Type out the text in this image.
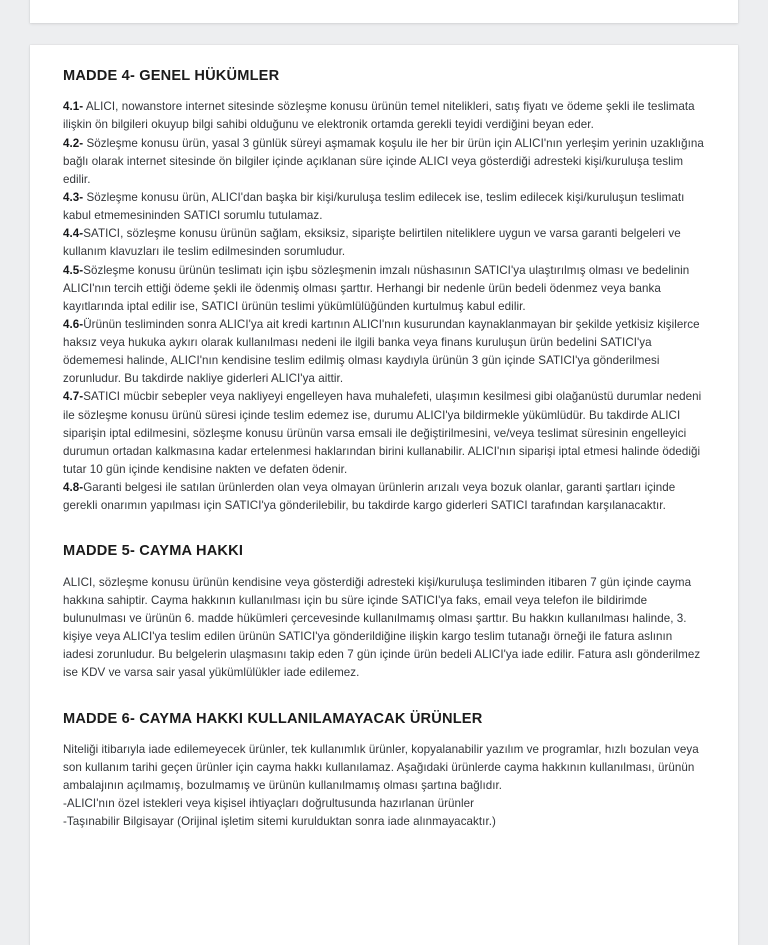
MADDE 4- GENEL HÜKÜMLER

4.1- ALICI, nowanstore internet sitesinde sözleşme konusu ürünün temel nitelikleri, satış fiyatı ve ödeme şekli ile teslimata ilişkin ön bilgileri okuyup bilgi sahibi olduğunu ve elektronik ortamda gerekli teyidi verdiğini beyan eder.

4.2- Sözleşme konusu ürün, yasal 3 günlük süreyi aşmamak koşulu ile her bir ürün için ALICI'nın yerleşim yerinin uzaklığına bağlı olarak internet sitesinde ön bilgiler içinde açıklanan süre içinde ALICI veya gösterdiği adresteki kişi/kuruluşa teslim edilir.

4.3- Sözleşme konusu ürün, ALICI'dan başka bir kişi/kuruluşa teslim edilecek ise, teslim edilecek kişi/kuruluşun teslimatı kabul etmemesininden SATICI sorumlu tutulamaz.

4.4-SATICI, sözleşme konusu ürünün sağlam, eksiksiz, siparişte belirtilen niteliklere uygun ve varsa garanti belgeleri ve kullanım klavuzları ile teslim edilmesinden sorumludur.

4.5-Sözleşme konusu ürünün teslimatı için işbu sözleşmenin imzalı nüshasının SATICI'ya ulaştırılmış olması ve bedelinin ALICI'nın tercih ettiği ödeme şekli ile ödenmiş olması şarttır. Herhangi bir nedenle ürün bedeli ödenmez veya banka kayıtlarında iptal edilir ise, SATICI ürünün teslimi yükümlülüğünden kurtulmuş kabul edilir.

4.6-Ürünün tesliminden sonra ALICI'ya ait kredi kartının ALICI'nın kusurundan kaynaklanmayan bir şekilde yetkisiz kişilerce haksız veya hukuka aykırı olarak kullanılması nedeni ile ilgili banka veya finans kuruluşun ürün bedelini SATICI'ya ödememesi halinde, ALICI'nın kendisine teslim edilmiş olması kaydıyla ürünün 3 gün içinde SATICI'ya gönderilmesi zorunludur. Bu takdirde nakliye giderleri ALICI'ya aittir.

4.7-SATICI mücbir sebepler veya nakliyeyi engelleyen hava muhalefeti, ulaşımın kesilmesi gibi olağanüstü durumlar nedeni ile sözleşme konusu ürünü süresi içinde teslim edemez ise, durumu ALICI'ya bildirmekle yükümlüdür. Bu takdirde ALICI siparişin iptal edilmesini, sözleşme konusu ürünün varsa emsali ile değiştirilmesini, ve/veya teslimat süresinin engelleyici durumun ortadan kalkmasına kadar ertelenmesi haklarından birini kullanabilir. ALICI'nın siparişi iptal etmesi halinde ödediği tutar 10 gün içinde kendisine nakten ve defaten ödenir.

4.8-Garanti belgesi ile satılan ürünlerden olan veya olmayan ürünlerin arızalı veya bozuk olanlar, garanti şartları içinde gerekli onarımın yapılması için SATICI'ya gönderilebilir, bu takdirde kargo giderleri SATICI tarafından karşılanacaktır.

MADDE 5- CAYMA HAKKI

ALICI, sözleşme konusu ürünün kendisine veya gösterdiği adresteki kişi/kuruluşa tesliminden itibaren 7 gün içinde cayma hakkına sahiptir. Cayma hakkının kullanılması için bu süre içinde SATICI'ya faks, email veya telefon ile bildirimde bulunulması ve ürünün 6. madde hükümleri çercevesinde kullanılmamış olması şarttır. Bu hakkın kullanılması halinde, 3. kişiye veya ALICI'ya teslim edilen ürünün SATICI'ya gönderildiğine ilişkin kargo teslim tutanağı örneği ile fatura aslının iadesi zorunludur. Bu belgelerin ulaşmasını takip eden 7 gün içinde ürün bedeli ALICI'ya iade edilir. Fatura aslı gönderilmez ise KDV ve varsa sair yasal yükümlülükler iade edilemez.

MADDE 6- CAYMA HAKKI KULLANILAMAYACAK ÜRÜNLER

Niteliği itibarıyla iade edilemeyecek ürünler, tek kullanımlık ürünler, kopyalanabilir yazılım ve programlar, hızlı bozulan veya son kullanım tarihi geçen ürünler için cayma hakkı kullanılamaz. Aşağıdaki ürünlerde cayma hakkının kullanılması, ürünün ambalajının açılmamış, bozulmamış ve ürünün kullanılmamış olması şartına bağlıdır.

-ALICI'nın özel istekleri veya kişisel ihtiyaçları doğrultusunda hazırlanan ürünler

-Taşınabilir Bilgisayar (Orijinal işletim sitemi kurulduktan sonra iade alınmayacaktır.)
